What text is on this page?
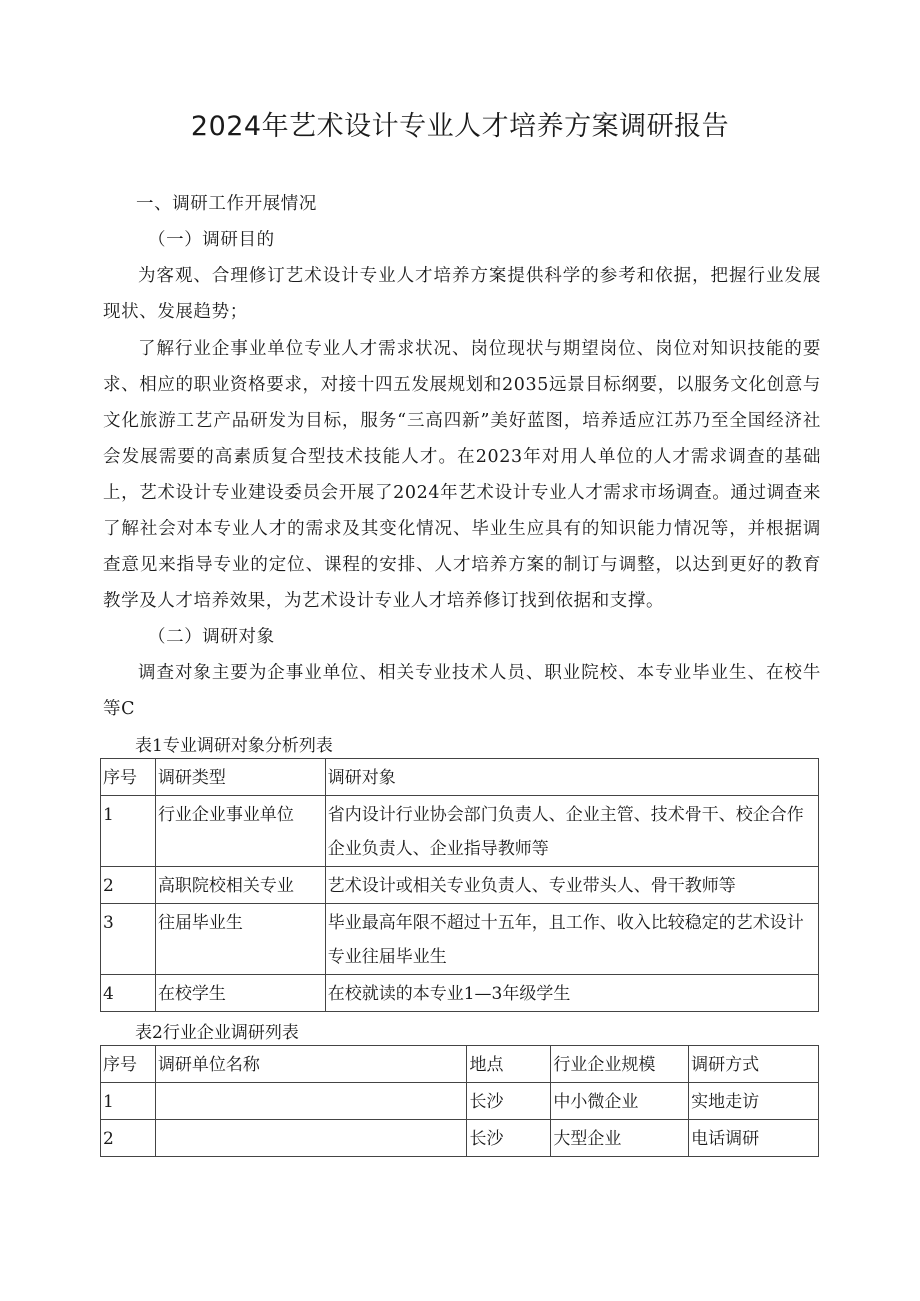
2024年艺术设计专业人才培养方案调研报告
一、调研工作开展情况
（一）调研目的
为客观、合理修订艺术设计专业人才培养方案提供科学的参考和依据，把握行业发展现状、发展趋势；
了解行业企事业单位专业人才需求状况、岗位现状与期望岗位、岗位对知识技能的要求、相应的职业资格要求，对接十四五发展规划和2035远景目标纲要，以服务文化创意与文化旅游工艺产品研发为目标，服务“三高四新”美好蓝图，培养适应江苏乃至全国经济社会发展需要的高素质复合型技术技能人才。在2023年对用人单位的人才需求调查的基础上，艺术设计专业建设委员会开展了2024年艺术设计专业人才需求市场调查。通过调查来了解社会对本专业人才的需求及其变化情况、毕业生应具有的知识能力情况等，并根据调查意见来指导专业的定位、课程的安排、人才培养方案的制订与调整，以达到更好的教育教学及人才培养效果，为艺术设计专业人才培养修订找到依据和支撑。
（二）调研对象
调查对象主要为企事业单位、相关专业技术人员、职业院校、本专业毕业生、在校牛等C
表1专业调研对象分析列表
序号	调研类型	调研对象
1	行业企业事业单位	省内设计行业协会部门负责人、企业主管、技术骨干、校企合作企业负责人、企业指导教师等
2	高职院校相关专业	艺术设计或相关专业负责人、专业带头人、骨干教师等
3	往届毕业生	毕业最高年限不超过十五年，且工作、收入比较稳定的艺术设计专业往届毕业生
4	在校学生	在校就读的本专业1—3年级学生
表2行业企业调研列表
序号	调研单位名称	地点	行业企业规模	调研方式
1		长沙	中小微企业	实地走访
2		长沙	大型企业	电话调研
